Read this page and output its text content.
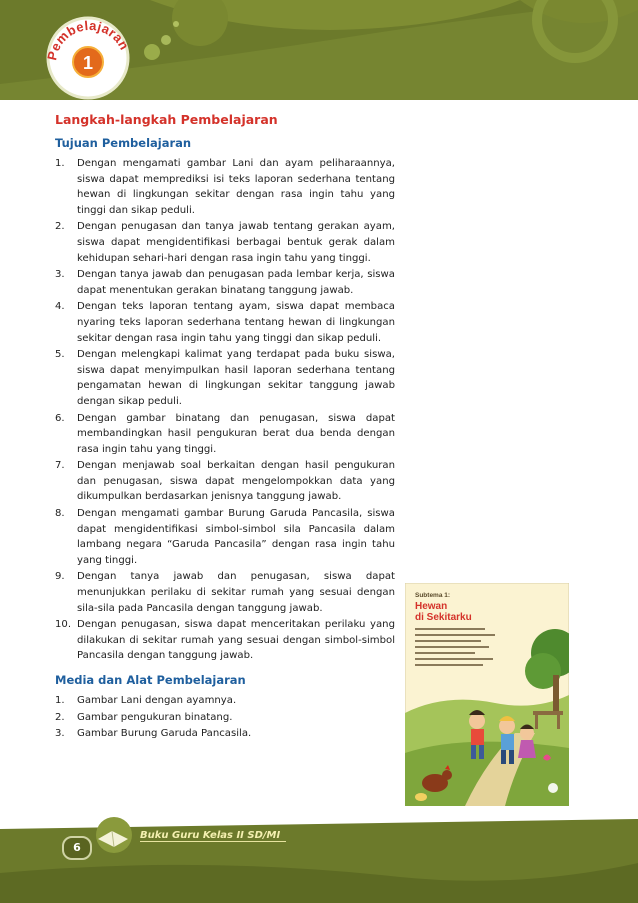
Pembelajaran
1
Langkah-langkah Pembelajaran
Tujuan Pembelajaran
1. Dengan mengamati gambar Lani dan ayam peliharaannya, siswa dapat memprediksi isi teks laporan sederhana tentang hewan di lingkungan sekitar dengan rasa ingin tahu yang tinggi dan sikap peduli.
2. Dengan penugasan dan tanya jawab tentang gerakan ayam, siswa dapat mengidentifikasi berbagai bentuk gerak dalam kehidupan sehari-hari dengan rasa ingin tahu yang tinggi.
3. Dengan tanya jawab dan penugasan pada lembar kerja, siswa dapat menentukan gerakan binatang tanggung jawab.
4. Dengan teks laporan tentang ayam, siswa dapat membaca nyaring teks laporan sederhana tentang hewan di lingkungan sekitar dengan rasa ingin tahu yang tinggi dan sikap peduli.
5. Dengan melengkapi kalimat yang terdapat pada buku siswa, siswa dapat menyimpulkan hasil laporan sederhana tentang pengamatan hewan di lingkungan sekitar tanggung jawab dengan sikap peduli.
6. Dengan gambar binatang dan penugasan, siswa dapat membandingkan hasil pengukuran berat dua benda dengan rasa ingin tahu yang tinggi.
7. Dengan menjawab soal berkaitan dengan hasil pengukuran dan penugasan, siswa dapat mengelompokkan data yang dikumpulkan berdasarkan jenisnya tanggung jawab.
8. Dengan mengamati gambar Burung Garuda Pancasila, siswa dapat mengidentifikasi simbol-simbol sila Pancasila dalam lambang negara “Garuda Pancasila” dengan rasa ingin tahu yang tinggi.
9. Dengan tanya jawab dan penugasan, siswa dapat menunjukkan perilaku di sekitar rumah yang sesuai dengan sila-sila pada Pancasila dengan tanggung jawab.
10. Dengan penugasan, siswa dapat menceritakan perilaku yang dilakukan di sekitar rumah yang sesuai dengan simbol-simbol Pancasila dengan tanggung jawab.
Media dan Alat Pembelajaran
1. Gambar Lani dengan ayamnya.
2. Gambar pengukuran binatang.
3. Gambar Burung Garuda Pancasila.
Subtema 1:
Hewan
di Sekitarku
6
Buku Guru Kelas II SD/MI
